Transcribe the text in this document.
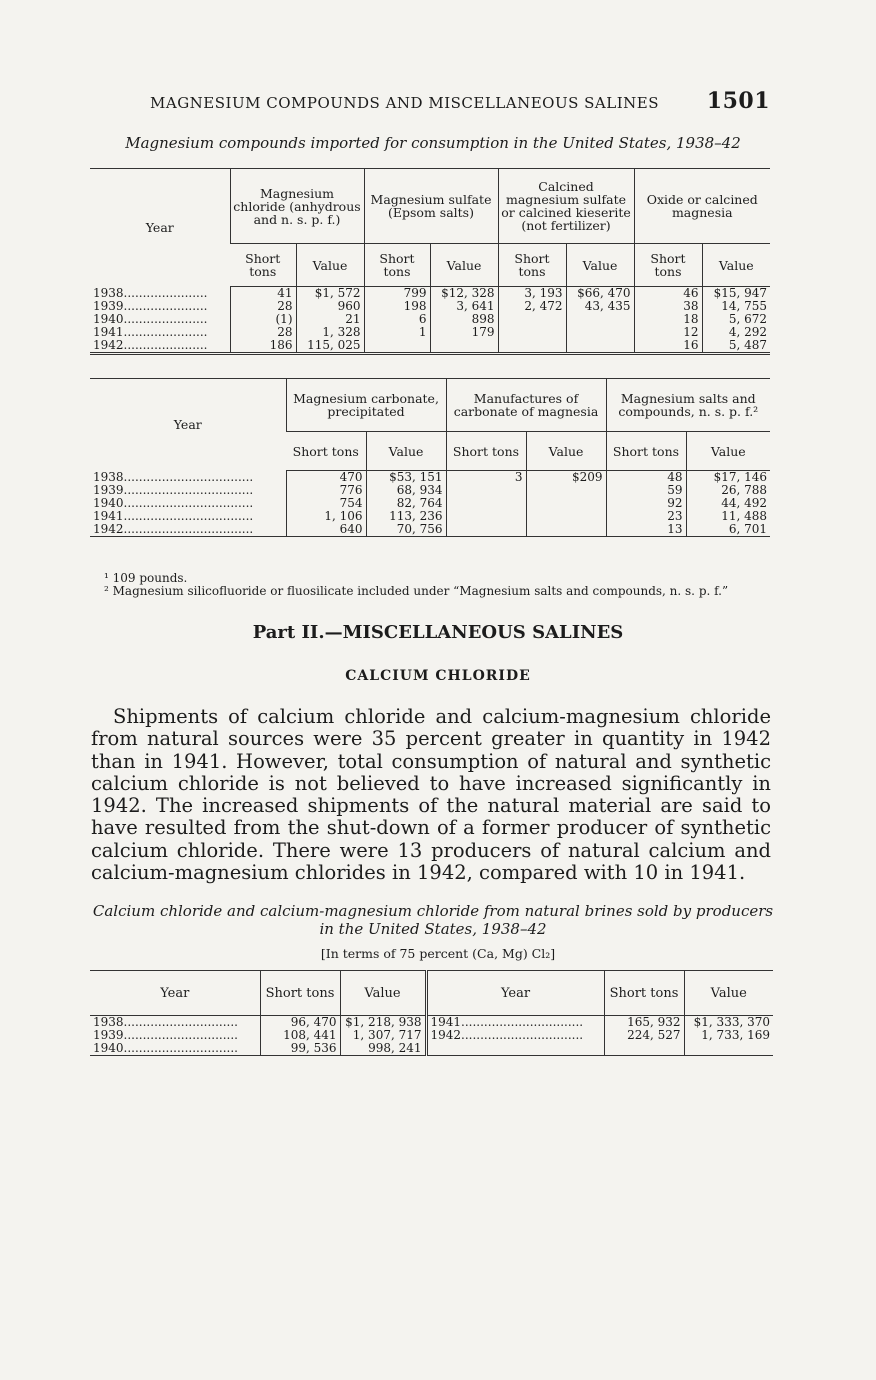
MAGNESIUM COMPOUNDS AND MISCELLANEOUS SALINES 1501
Magnesium compounds imported for consumption in the United States, 1938–42
Year	Magnesium chloride (anhydrous and n. s. p. f.)		Magnesium sulfate (Epsom salts)		Calcined magnesium sulfate or calcined kieserite (not fertilizer)		Oxide or calcined magnesia	
	Short tons	Value	Short tons	Value	Short tons	Value	Short tons	Value
1938......................	41	$1, 572	799	$12, 328	3, 193	$66, 470	46	$15, 947
1939......................	28	960	198	3, 641	2, 472	43, 435	38	14, 755
1940......................	(1)	21	6	898			18	5, 672
1941......................	28	1, 328	1	179			12	4, 292
1942......................	186	115, 025					16	5, 487
Year	Magnesium carbonate, precipitated		Manufactures of carbonate of magnesia		Magnesium salts and compounds, n. s. p. f.²	
	Short tons	Value	Short tons	Value	Short tons	Value
1938..................................	470	$53, 151	3	$209	48	$17, 146
1939..................................	776	68, 934			59	26, 788
1940..................................	754	82, 764			92	44, 492
1941..................................	1, 106	113, 236			23	11, 488
1942..................................	640	70, 756			13	6, 701
¹ 109 pounds.
² Magnesium silicofluoride or fluosilicate included under “Magnesium salts and compounds, n. s. p. f.”
Part II.—MISCELLANEOUS SALINES
CALCIUM CHLORIDE
Shipments of calcium chloride and calcium-magnesium chloride from natural sources were 35 percent greater in quantity in 1942 than in 1941. However, total consumption of natural and synthetic calcium chloride is not believed to have increased significantly in 1942. The increased shipments of the natural material are said to have resulted from the shut-down of a former producer of synthetic calcium chloride. There were 13 producers of natural calcium and calcium-magnesium chlorides in 1942, compared with 10 in 1941.
Calcium chloride and calcium-magnesium chloride from natural brines sold by producers in the United States, 1938–42
[In terms of 75 percent (Ca, Mg) Cl₂]
Year	Short tons	Value	Year	Short tons	Value
1938..............................	96, 470	$1, 218, 938	1941................................	165, 932	$1, 333, 370
1939..............................	108, 441	1, 307, 717	1942................................	224, 527	1, 733, 169
1940..............................	99, 536	998, 241			
